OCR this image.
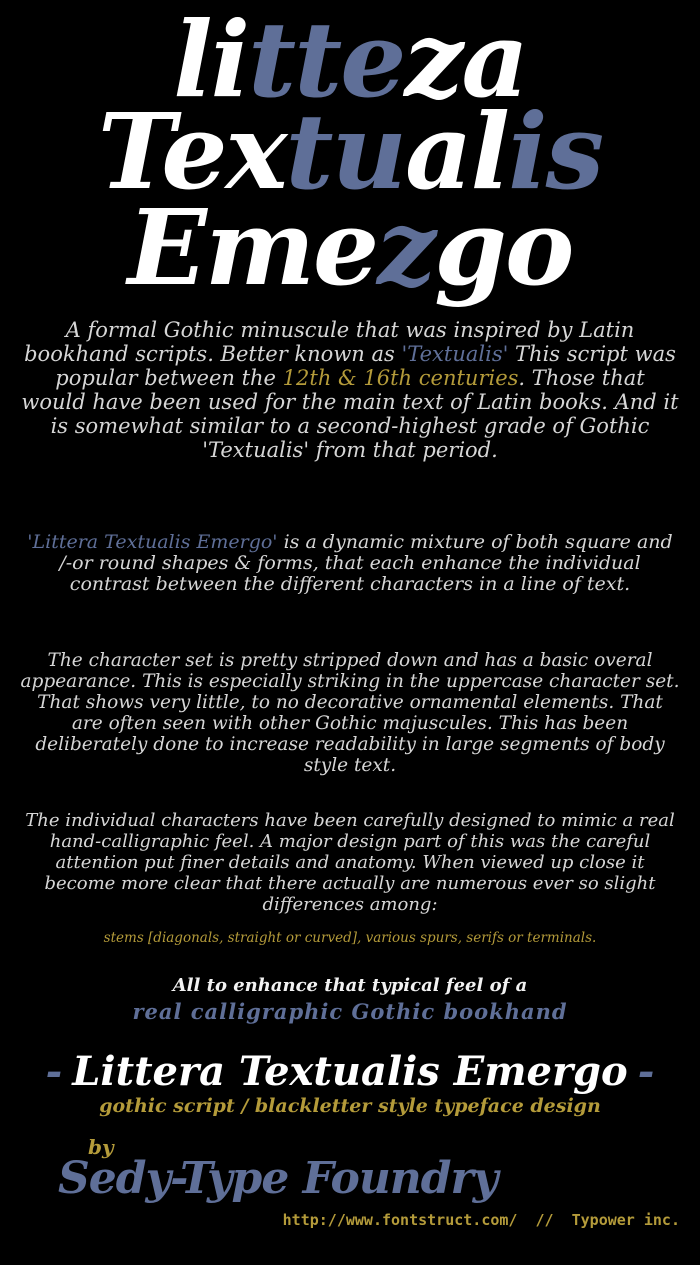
litteza
Textualis
Emezgo
A formal Gothic minuscule that was inspired by Latin bookhand scripts. Better known as 'Textualis' This script was popular between the 12th & 16th centuries. Those that would have been used for the main text of Latin books. And it is somewhat similar to a second-highest grade of Gothic 'Textualis' from that period.
'Littera Textualis Emergo' is a dynamic mixture of both square and /-or round shapes & forms, that each enhance the individual contrast between the different characters in a line of text.
The character set is pretty stripped down and has a basic overal appearance. This is especially striking in the uppercase character set. That shows very little, to no decorative ornamental elements. That are often seen with other Gothic majuscules. This has been deliberately done to increase readability in large segments of body style text.
The individual characters have been carefully designed to mimic a real hand-calligraphic feel. A major design part of this was the careful attention put finer details and anatomy. When viewed up close it become more clear that there actually are numerous ever so slight differences among:
stems [diagonals, straight or curved], various spurs, serifs or terminals.
All to enhance that typical feel of a
real calligraphic Gothic bookhand
- Littera Textualis Emergo -
gothic script / blackletter style typeface design
by
Sedy-Type Foundry
http://www.fontstruct.com/  //  Typower inc.
